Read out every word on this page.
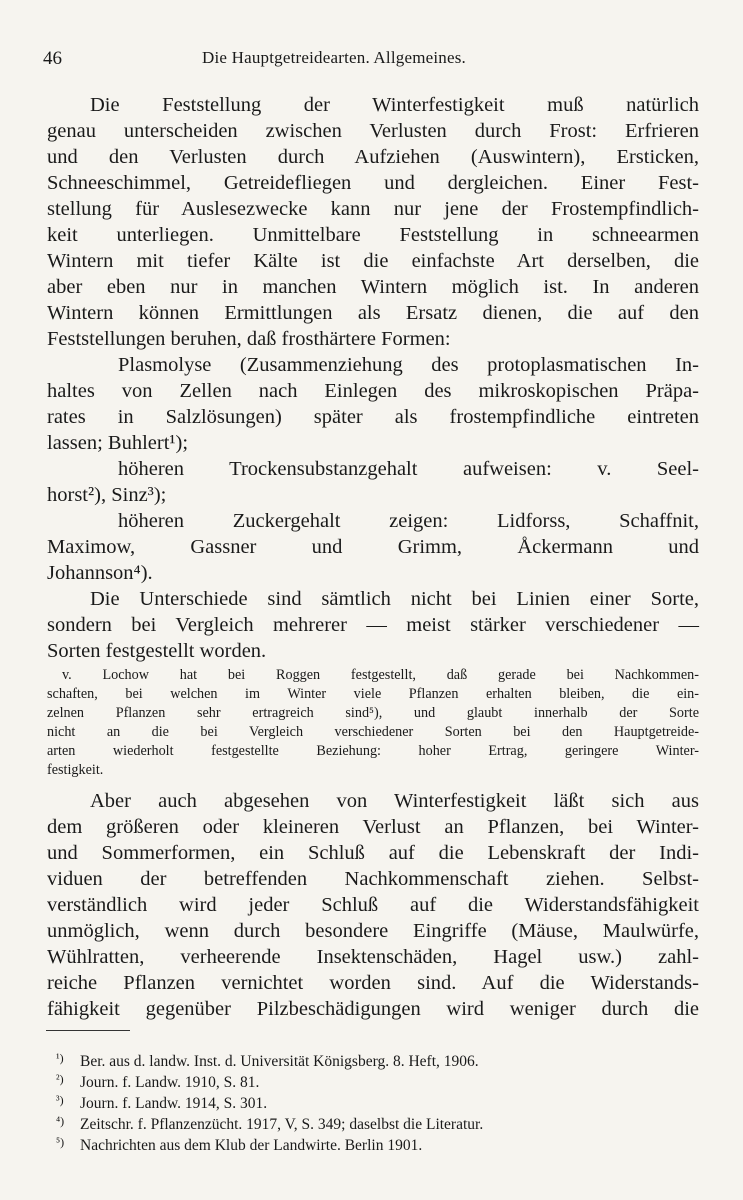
46	Die Hauptgetreidearten. Allgemeines.
Die Feststellung der Winterfestigkeit muß natürlich
genau unterscheiden zwischen Verlusten durch Frost: Erfrieren
und den Verlusten durch Aufziehen (Auswintern), Ersticken,
Schneeschimmel, Getreidefliegen und dergleichen. Einer Fest-
stellung für Auslesezwecke kann nur jene der Frostempfindlich-
keit unterliegen. Unmittelbare Feststellung in schneearmen
Wintern mit tiefer Kälte ist die einfachste Art derselben, die
aber eben nur in manchen Wintern möglich ist. In anderen
Wintern können Ermittlungen als Ersatz dienen, die auf den
Feststellungen beruhen, daß frosthärtere Formen:
Plasmolyse (Zusammenziehung des protoplasmatischen In-
haltes von Zellen nach Einlegen des mikroskopischen Präpa-
rates in Salzlösungen) später als frostempfindliche eintreten
lassen; Buhlert¹);
höheren Trockensubstanzgehalt aufweisen: v. Seel-
horst²), Sinz³);
höheren Zuckergehalt zeigen: Lidforss, Schaffnit,
Maximow, Gassner und Grimm, Åckermann und
Johannson⁴).
Die Unterschiede sind sämtlich nicht bei Linien einer Sorte,
sondern bei Vergleich mehrerer — meist stärker verschiedener —
Sorten festgestellt worden.
v. Lochow hat bei Roggen festgestellt, daß gerade bei Nachkommen-
schaften, bei welchen im Winter viele Pflanzen erhalten bleiben, die ein-
zelnen Pflanzen sehr ertragreich sind⁵), und glaubt innerhalb der Sorte
nicht an die bei Vergleich verschiedener Sorten bei den Hauptgetreide-
arten wiederholt festgestellte Beziehung: hoher Ertrag, geringere Winter-
festigkeit.
Aber auch abgesehen von Winterfestigkeit läßt sich aus
dem größeren oder kleineren Verlust an Pflanzen, bei Winter-
und Sommerformen, ein Schluß auf die Lebenskraft der Indi-
viduen der betreffenden Nachkommenschaft ziehen. Selbst-
verständlich wird jeder Schluß auf die Widerstandsfähigkeit
unmöglich, wenn durch besondere Eingriffe (Mäuse, Maulwürfe,
Wühlratten, verheerende Insektenschäden, Hagel usw.) zahl-
reiche Pflanzen vernichtet worden sind. Auf die Widerstands-
fähigkeit gegenüber Pilzbeschädigungen wird weniger durch die
¹) Ber. aus d. landw. Inst. d. Universität Königsberg. 8. Heft, 1906.
²) Journ. f. Landw. 1910, S. 81.
³) Journ. f. Landw. 1914, S. 301.
⁴) Zeitschr. f. Pflanzenzücht. 1917, V, S. 349; daselbst die Literatur.
⁵) Nachrichten aus dem Klub der Landwirte. Berlin 1901.
